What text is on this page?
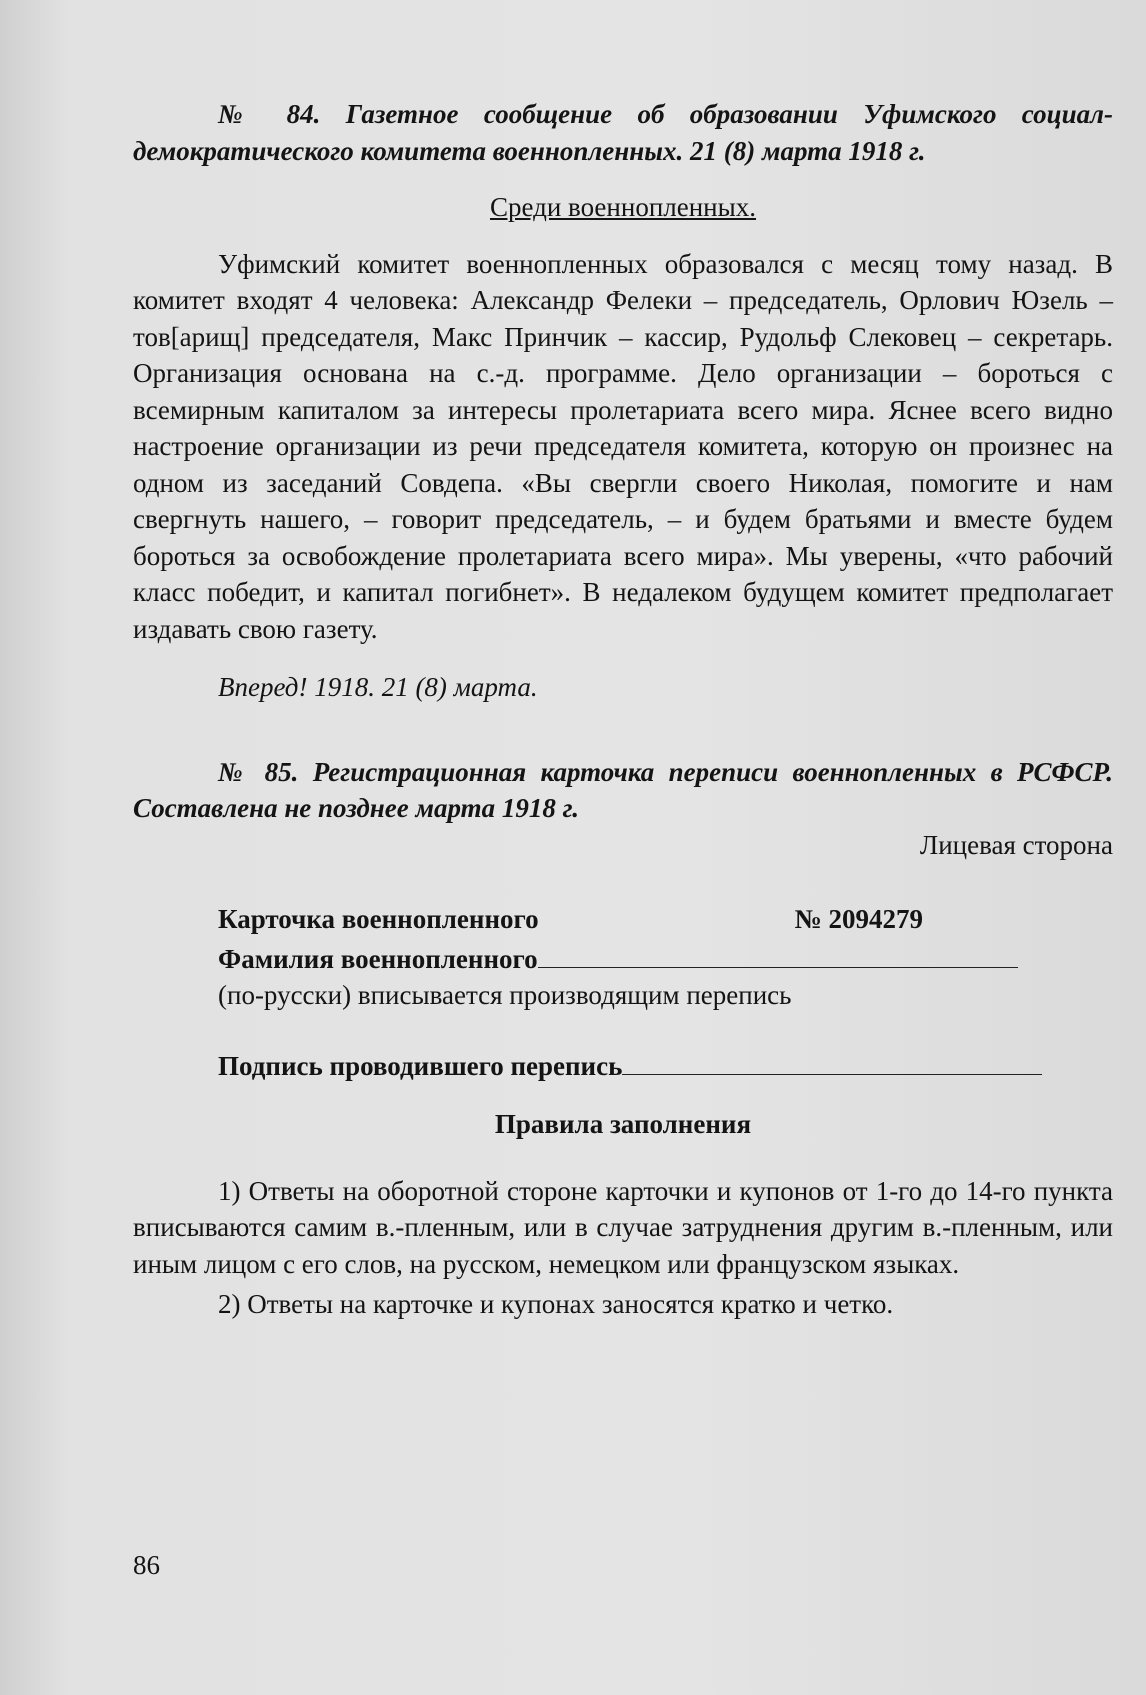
№ 84. Газетное сообщение об образовании Уфимского социал-демократического комитета военнопленных. 21 (8) марта 1918 г.

Среди военнопленных.

Уфимский комитет военнопленных образовался с месяц тому назад. В комитет входят 4 человека: Александр Фелеки – председатель, Орлович Юзель – тов[арищ] председателя, Макс Принчик – кассир, Рудольф Слековец – секретарь. Организация основана на с.-д. программе. Дело организации – бороться с всемирным капиталом за интересы пролетариата всего мира. Яснее всего видно настроение организации из речи председателя комитета, которую он произнес на одном из заседаний Совдепа. «Вы свергли своего Николая, помогите и нам свергнуть нашего, – говорит председатель, – и будем братьями и вместе будем бороться за освобождение пролетариата всего мира». Мы уверены, «что рабочий класс победит, и капитал погибнет». В недалеком будущем комитет предполагает издавать свою газету.

Вперед! 1918. 21 (8) марта.

№ 85. Регистрационная карточка переписи военнопленных в РСФСР. Составлена не позднее марта 1918 г.

Лицевая сторона

Карточка военнопленного	№ 2094279

Фамилия военнопленного

(по-русски) вписывается производящим перепись

Подпись проводившего перепись

Правила заполнения

1) Ответы на оборотной стороне карточки и купонов от 1-го до 14-го пункта вписываются самим в.-пленным, или в случае затруднения другим в.-пленным, или иным лицом с его слов, на русском, немецком или французском языках.

2) Ответы на карточке и купонах заносятся кратко и четко.

86
